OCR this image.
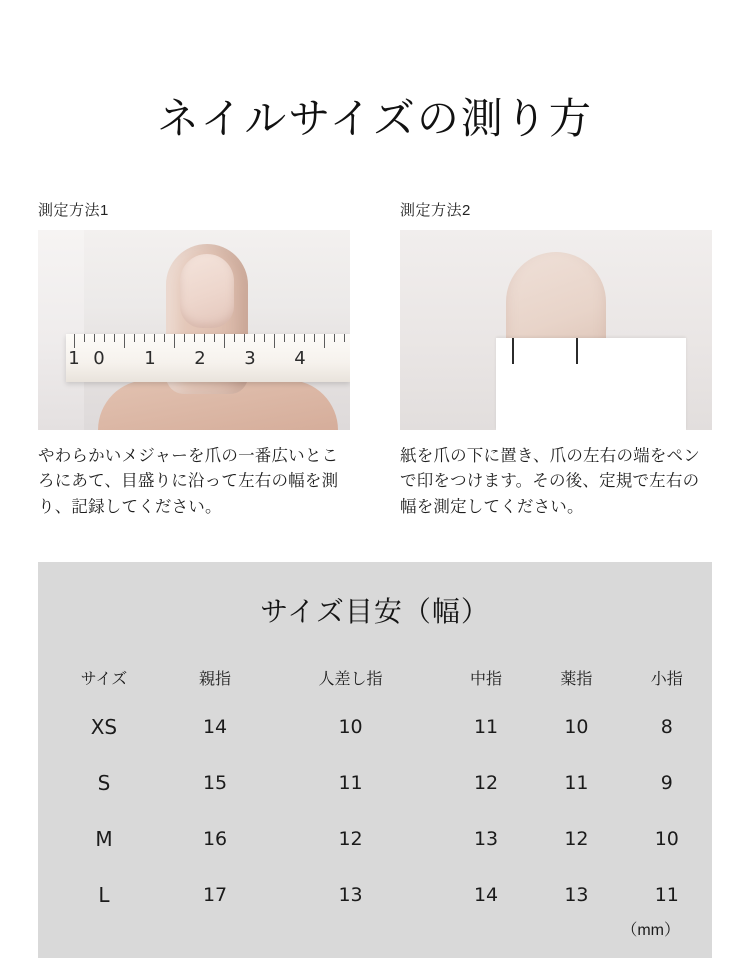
ネイルサイズの測り方
測定方法1
1 0 1 2 3 4
やわらかいメジャーを爪の一番広いところにあて、目盛りに沿って左右の幅を測り、記録してください。
測定方法2
紙を爪の下に置き、爪の左右の端をペンで印をつけます。その後、定規で左右の幅を測定してください。
サイズ目安（幅）
サイズ	親指	人差し指	中指	薬指	小指
XS	14	10	11	10	8
S	15	11	12	11	9
M	16	12	13	12	10
L	17	13	14	13	11
（mm）
